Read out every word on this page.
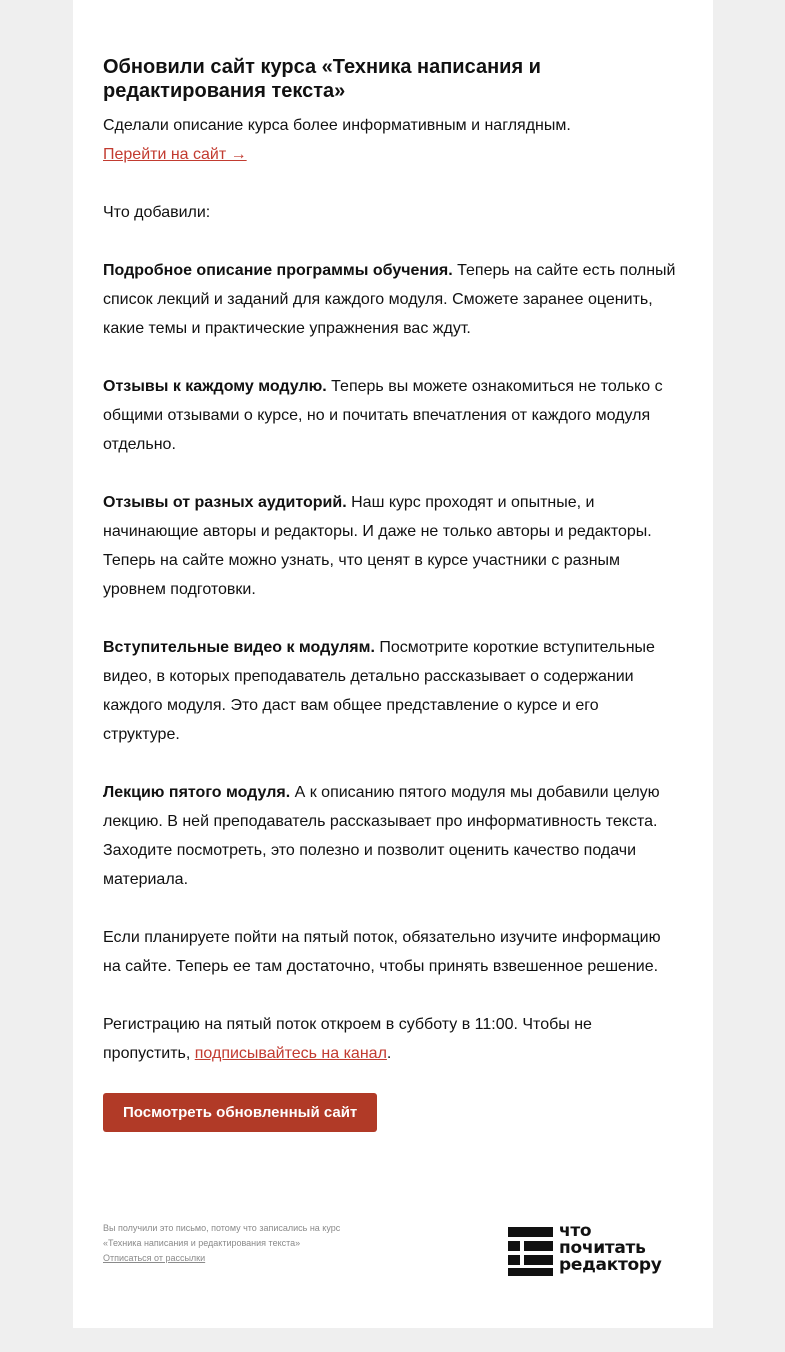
Обновили сайт курса «Техника написания и редактирования текста»

Сделали описание курса более информативным и наглядным.

Перейти на сайт →

Что добавили:

Подробное описание программы обучения. Теперь на сайте есть полный список лекций и заданий для каждого модуля. Сможете заранее оценить, какие темы и практические упражнения вас ждут.

Отзывы к каждому модулю. Теперь вы можете ознакомиться не только с общими отзывами о курсе, но и почитать впечатления от каждого модуля отдельно.

Отзывы от разных аудиторий. Наш курс проходят и опытные, и начинающие авторы и редакторы. И даже не только авторы и редакторы. Теперь на сайте можно узнать, что ценят в курсе участники с разным уровнем подготовки.

Вступительные видео к модулям. Посмотрите короткие вступительные видео, в которых преподаватель детально рассказывает о содержании каждого модуля. Это даст вам общее представление о курсе и его структуре.

Лекцию пятого модуля. А к описанию пятого модуля мы добавили целую лекцию. В ней преподаватель рассказывает про информативность текста. Заходите посмотреть, это полезно и позволит оценить качество подачи материала.

Если планируете пойти на пятый поток, обязательно изучите информацию на сайте. Теперь ее там достаточно, чтобы принять взвешенное решение.

Регистрацию на пятый поток откроем в субботу в 11:00. Чтобы не пропустить, подписывайтесь на канал.

Посмотреть обновленный сайт
Вы получили это письмо, потому что записались на курс
«Техника написания и редактирования текста»
Отписаться от рассылки
что
почитать
редактору
